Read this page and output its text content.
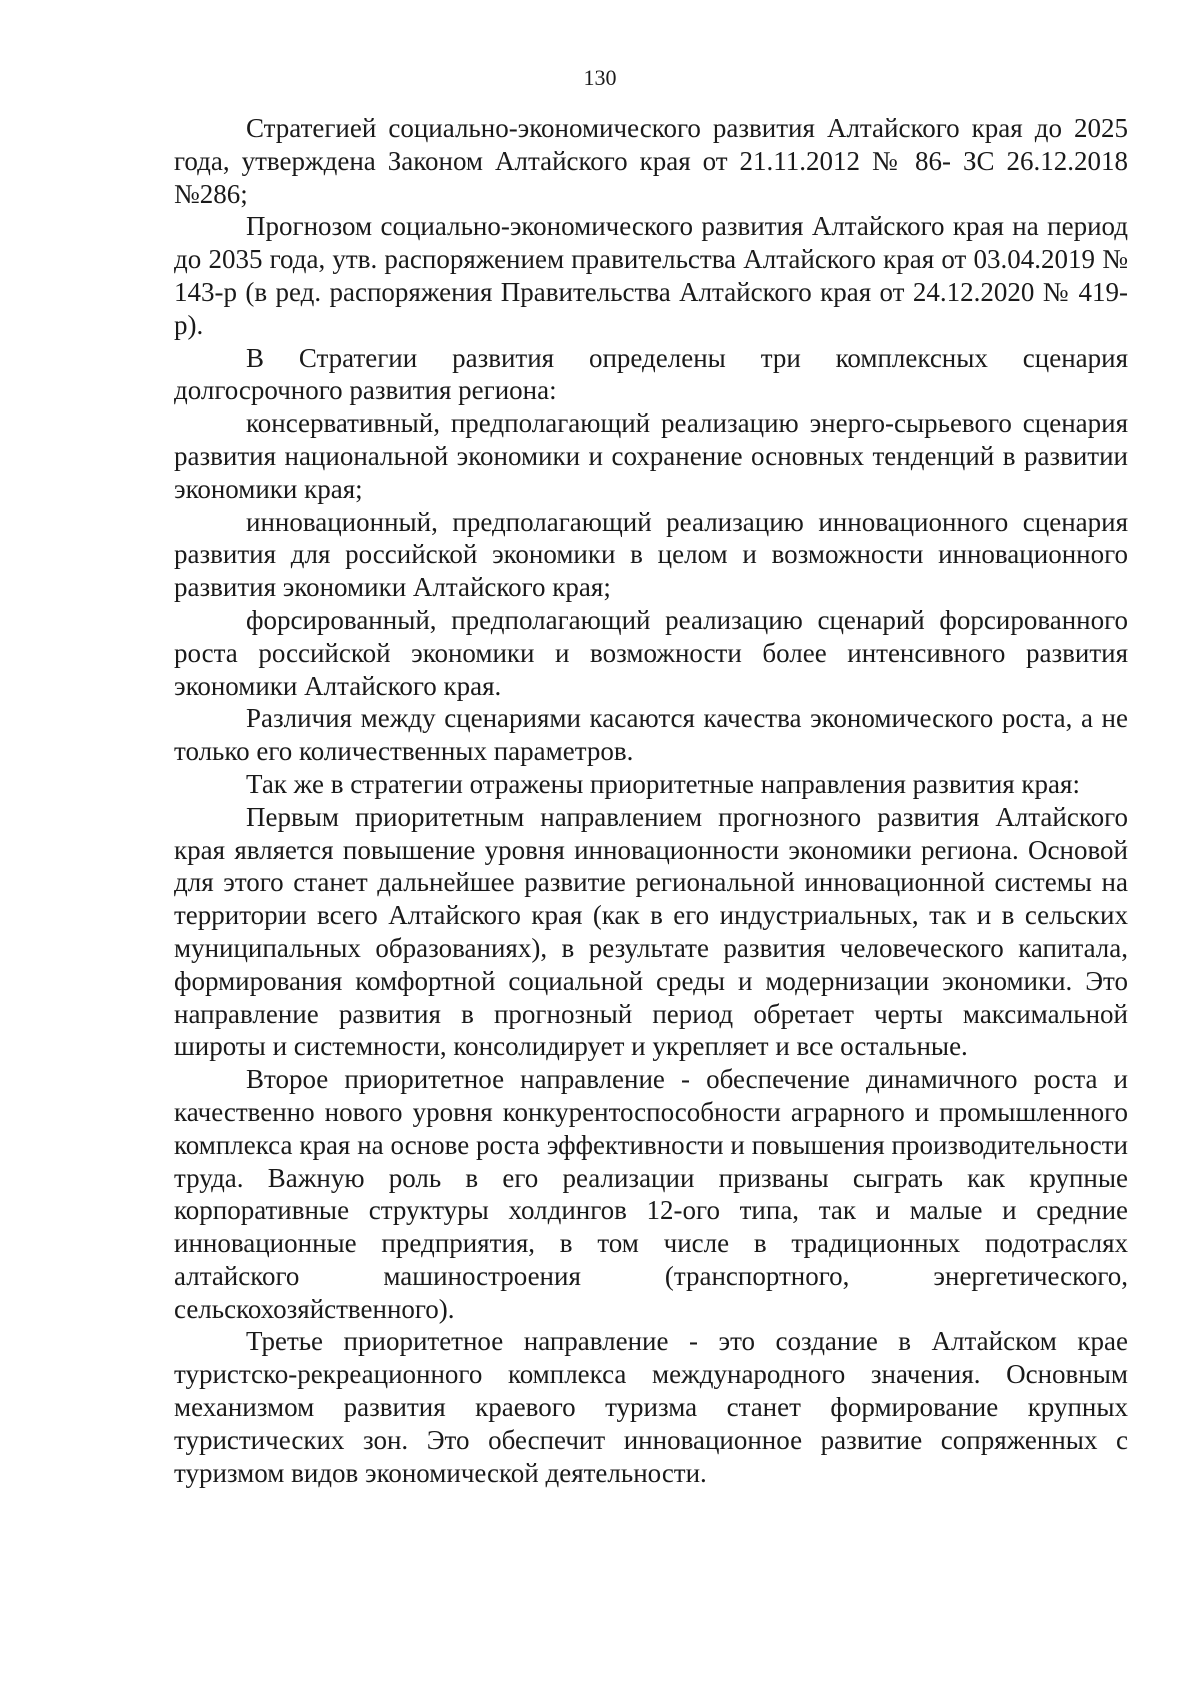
130

Стратегией социально-экономического развития Алтайского края до 2025 года, утверждена Законом Алтайского края от 21.11.2012 № 86- ЗС 26.12.2018 №286;

Прогнозом социально-экономического развития Алтайского края на период до 2035 года, утв. распоряжением правительства Алтайского края от 03.04.2019 № 143-р (в ред. распоряжения Правительства Алтайского края от 24.12.2020 № 419-р).

В Стратегии развития определены три комплексных сценария долгосрочного развития региона:

консервативный, предполагающий реализацию энерго-сырьевого сценария развития национальной экономики и сохранение основных тенденций в развитии экономики края;

инновационный, предполагающий реализацию инновационного сценария развития для российской экономики в целом и возможности инновационного развития экономики Алтайского края;

форсированный, предполагающий реализацию сценарий форсированного роста российской экономики и возможности более интенсивного развития экономики Алтайского края.

Различия между сценариями касаются качества экономического роста, а не только его количественных параметров.

Так же в стратегии отражены приоритетные направления развития края:

Первым приоритетным направлением прогнозного развития Алтайского края является повышение уровня инновационности экономики региона. Основой для этого станет дальнейшее развитие региональной инновационной системы на территории всего Алтайского края (как в его индустриальных, так и в сельских муниципальных образованиях), в результате развития человеческого капитала, формирования комфортной социальной среды и модернизации экономики. Это направление развития в прогнозный период обретает черты максимальной широты и системности, консолидирует и укрепляет и все остальные.

Второе приоритетное направление - обеспечение динамичного роста и качественно нового уровня конкурентоспособности аграрного и промышленного комплекса края на основе роста эффективности и повышения производительности труда. Важную роль в его реализации призваны сыграть как крупные корпоративные структуры холдингов 12-ого типа, так и малые и средние инновационные предприятия, в том числе в традиционных подотраслях алтайского машиностроения (транспортного, энергетического, сельскохозяйственного).

Третье приоритетное направление - это создание в Алтайском крае туристско-рекреационного комплекса международного значения. Основным механизмом развития краевого туризма станет формирование крупных туристических зон. Это обеспечит инновационное развитие сопряженных с туризмом видов экономической деятельности.
